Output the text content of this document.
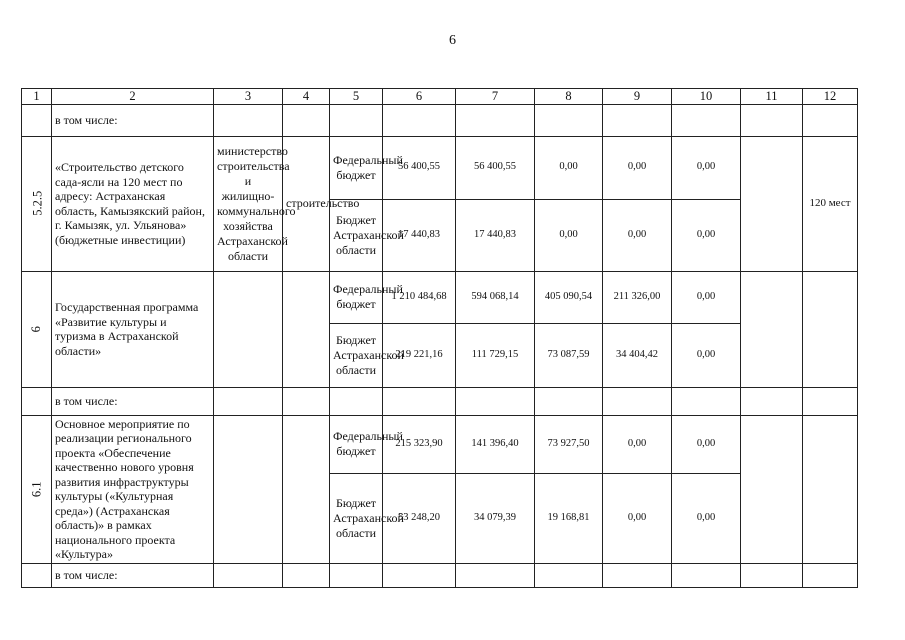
6
1	2	3	4	5	6	7	8	9	10	11	12
	в том числе:										
5.2.5	«Строительство детского сада-ясли на 120 мест по адресу: Астраханская область, Камызякский район, г. Камызяк, ул. Ульянова» (бюджетные инвестиции)	министерство строительства и жилищно-коммунального хозяйства Астраханской области	строительство	Федеральный бюджет	56 400,55	56 400,55	0,00	0,00	0,00		120 мест
				Бюджет Астраханской области	17 440,83	17 440,83	0,00	0,00	0,00		
6	Государственная программа «Развитие культуры и туризма в Астраханской области»			Федеральный бюджет	1 210 484,68	594 068,14	405 090,54	211 326,00	0,00		
				Бюджет Астраханской области	219 221,16	111 729,15	73 087,59	34 404,42	0,00		
	в том числе:										
6.1	Основное мероприятие по реализации регионального проекта «Обеспечение качественно нового уровня развития инфраструктуры культуры («Культурная среда») (Астраханская область)» в рамках национального проекта «Культура»			Федеральный бюджет	215 323,90	141 396,40	73 927,50	0,00	0,00		
				Бюджет Астраханской области	53 248,20	34 079,39	19 168,81	0,00	0,00		
	в том числе:										
